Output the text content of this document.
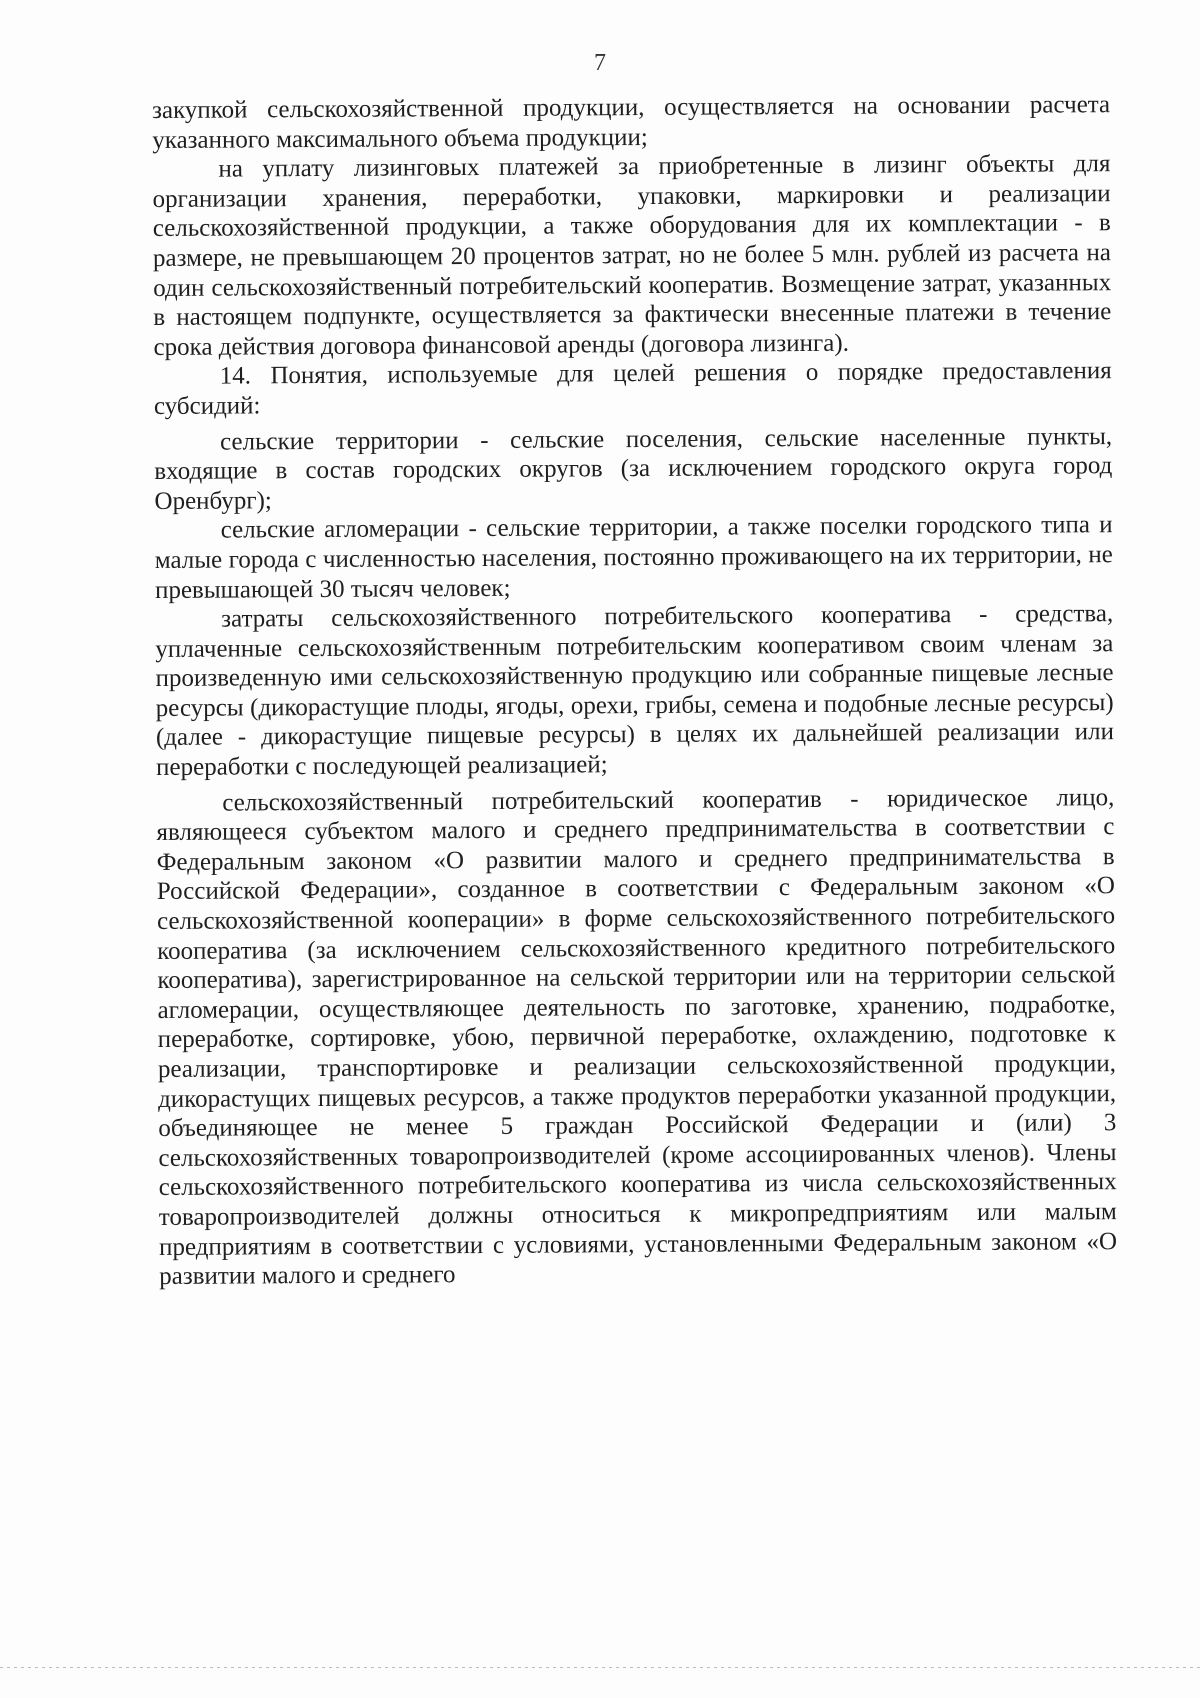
7

закупкой сельскохозяйственной продукции, осуществляется на основании расчета указанного максимального объема продукции;

на уплату лизинговых платежей за приобретенные в лизинг объекты для организации хранения, переработки, упаковки, маркировки и реализации сельскохозяйственной продукции, а также оборудования для их комплектации - в размере, не превышающем 20 процентов затрат, но не более 5 млн. рублей из расчета на один сельскохозяйственный потребительский кооператив. Возмещение затрат, указанных в настоящем подпункте, осуществляется за фактически внесенные платежи в течение срока действия договора финансовой аренды (договора лизинга).

14. Понятия, используемые для целей решения о порядке предоставления субсидий:

сельские территории - сельские поселения, сельские населенные пункты, входящие в состав городских округов (за исключением городского округа город Оренбург);

сельские агломерации - сельские территории, а также поселки городского типа и малые города с численностью населения, постоянно проживающего на их территории, не превышающей 30 тысяч человек;

затраты сельскохозяйственного потребительского кооператива - средства, уплаченные сельскохозяйственным потребительским кооперативом своим членам за произведенную ими сельскохозяйственную продукцию или собранные пищевые лесные ресурсы (дикорастущие плоды, ягоды, орехи, грибы, семена и подобные лесные ресурсы) (далее - дикорастущие пищевые ресурсы) в целях их дальнейшей реализации или переработки с последующей реализацией;

сельскохозяйственный потребительский кооператив - юридическое лицо, являющееся субъектом малого и среднего предпринимательства в соответствии с Федеральным законом «О развитии малого и среднего предпринимательства в Российской Федерации», созданное в соответствии с Федеральным законом «О сельскохозяйственной кооперации» в форме сельскохозяйственного потребительского кооператива (за исключением сельскохозяйственного кредитного потребительского кооператива), зарегистрированное на сельской территории или на территории сельской агломерации, осуществляющее деятельность по заготовке, хранению, подработке, переработке, сортировке, убою, первичной переработке, охлаждению, подготовке к реализации, транспортировке и реализации сельскохозяйственной продукции, дикорастущих пищевых ресурсов, а также продуктов переработки указанной продукции, объединяющее не менее 5 граждан Российской Федерации и (или) 3 сельскохозяйственных товаропроизводителей (кроме ассоциированных членов). Члены сельскохозяйственного потребительского кооператива из числа сельскохозяйственных товаропроизводителей должны относиться к микропредприятиям или малым предприятиям в соответствии с условиями, установленными Федеральным законом «О развитии малого и среднего
